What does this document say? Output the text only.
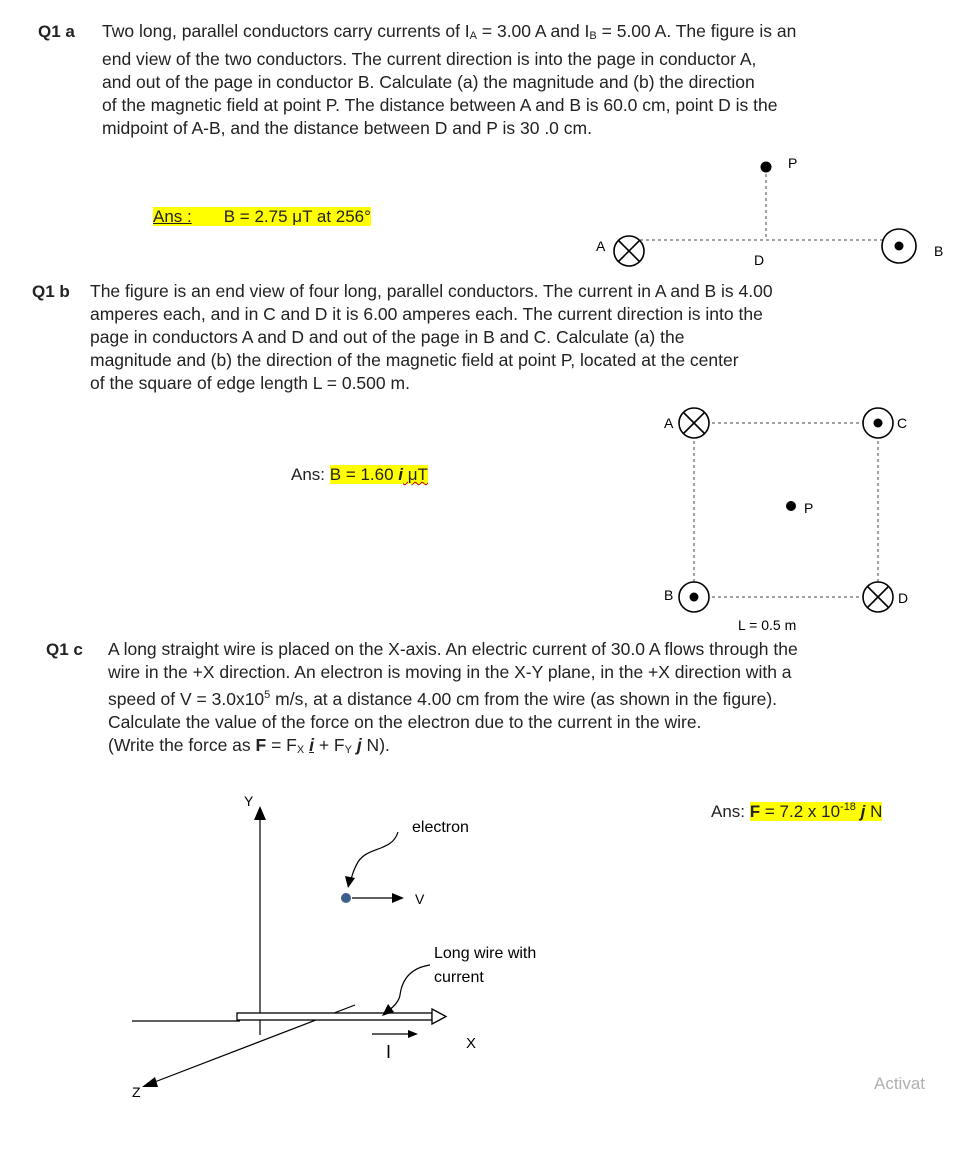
Q1 a Two long, parallel conductors carry currents of IA = 3.00 A and IB = 5.00 A. The figure is an

end view of the two conductors. The current direction is into the page in conductor A,

and out of the page in conductor B. Calculate (a) the magnitude and (b) the direction

of the magnetic field at point P. The distance between A and B is 60.0 cm, point D is the

midpoint of A-B, and the distance between D and P is 30 .0 cm.

Ans : B = 2.75 μT at 256°
P
A
D
B
Q1 b The figure is an end view of four long, parallel conductors. The current in A and B is 4.00

amperes each, and in C and D it is 6.00 amperes each. The current direction is into the

page in conductors A and D and out of the page in B and C. Calculate (a) the

magnitude and (b) the direction of the magnetic field at point P, located at the center

of the square of edge length L = 0.500 m.

Ans: B = 1.60 i μT
A	C
B	D
P
L = 0.5 m
Q1 c A long straight wire is placed on the X-axis. An electric current of 30.0 A flows through the

wire in the +X direction. An electron is moving in the X-Y plane, in the +X direction with a

speed of $V = 3.0x10^5$ m/s, at a distance 4.00 cm from the wire (as shown in the figure).

Calculate the value of the force on the electron due to the current in the wire.

(Write the force as F = FX i + FY j N).

Ans: F = 7.2 x $10^{-18}$ j N
Y
X
Z
I
V
electron
Long wire with
current
Activat
